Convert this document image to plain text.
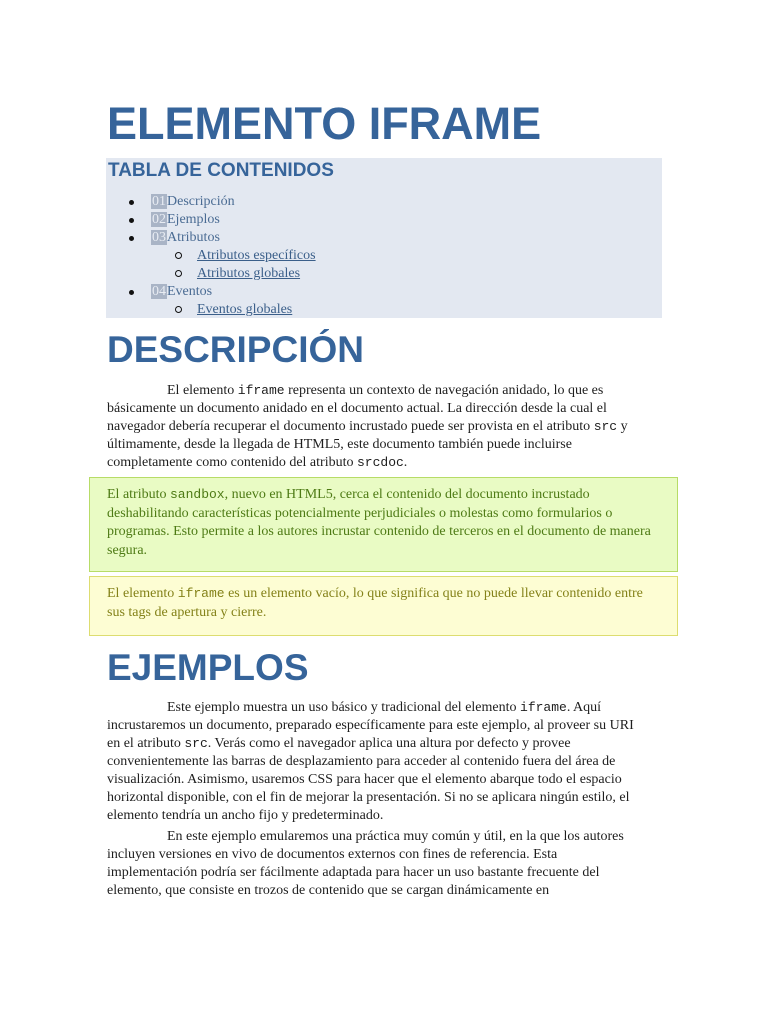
ELEMENTO IFRAME
TABLA DE CONTENIDOS
01Descripción
02Ejemplos
03Atributos
Atributos específicos
Atributos globales
04Eventos
Eventos globales
DESCRIPCIÓN

El elemento iframe representa un contexto de navegación anidado, lo que es básicamente un documento anidado en el documento actual. La dirección desde la cual el navegador debería recuperar el documento incrustado puede ser provista en el atributo src y últimamente, desde la llegada de HTML5, este documento también puede incluirse completamente como contenido del atributo srcdoc.

El atributo sandbox, nuevo en HTML5, cerca el contenido del documento incrustado deshabilitando características potencialmente perjudiciales o molestas como formularios o programas. Esto permite a los autores incrustar contenido de terceros en el documento de manera segura.

El elemento iframe es un elemento vacío, lo que significa que no puede llevar contenido entre sus tags de apertura y cierre.

EJEMPLOS

Este ejemplo muestra un uso básico y tradicional del elemento iframe. Aquí incrustaremos un documento, preparado específicamente para este ejemplo, al proveer su URI en el atributo src. Verás como el navegador aplica una altura por defecto y provee convenientemente las barras de desplazamiento para acceder al contenido fuera del área de visualización. Asimismo, usaremos CSS para hacer que el elemento abarque todo el espacio horizontal disponible, con el fin de mejorar la presentación. Si no se aplicara ningún estilo, el elemento tendría un ancho fijo y predeterminado.

En este ejemplo emularemos una práctica muy común y útil, en la que los autores incluyen versiones en vivo de documentos externos con fines de referencia. Esta implementación podría ser fácilmente adaptada para hacer un uso bastante frecuente del elemento, que consiste en trozos de contenido que se cargan dinámicamente en
